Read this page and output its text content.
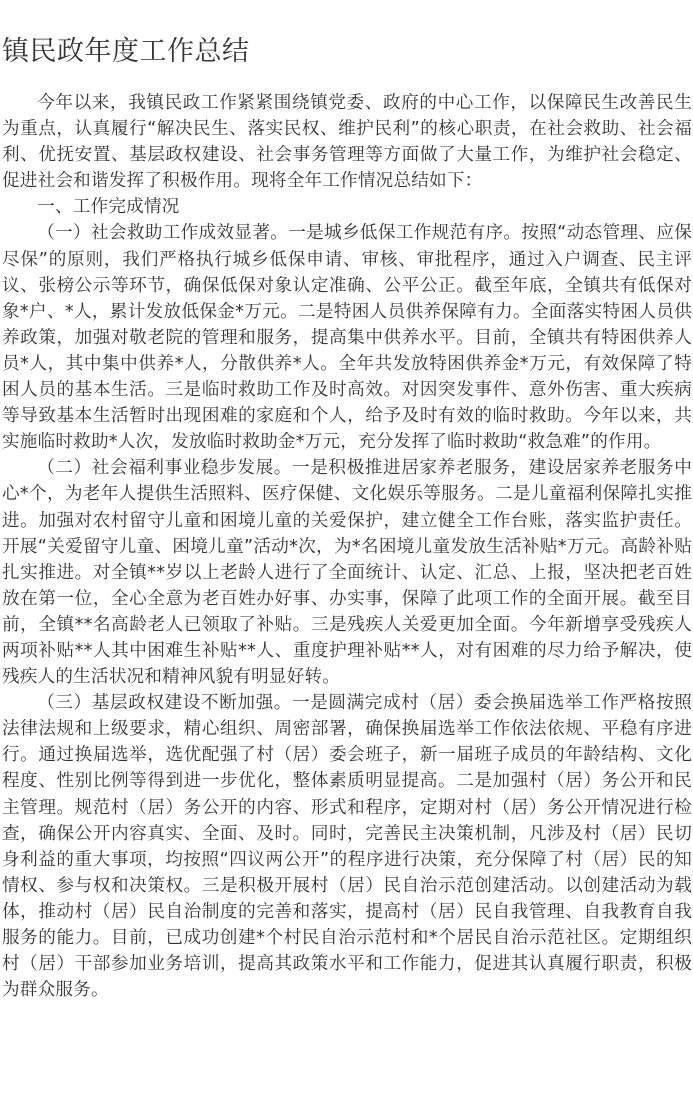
镇民政年度工作总结

今年以来，我镇民政工作紧紧围绕镇党委、政府的中心工作，以保障民生改善民生为重点，认真履行“解决民生、落实民权、维护民利”的核心职责，在社会救助、社会福利、优抚安置、基层政权建设、社会事务管理等方面做了大量工作，为维护社会稳定、促进社会和谐发挥了积极作用。现将全年工作情况总结如下：

一、工作完成情况

（一）社会救助工作成效显著。一是城乡低保工作规范有序。按照“动态管理、应保尽保”的原则，我们严格执行城乡低保申请、审核、审批程序，通过入户调查、民主评议、张榜公示等环节，确保低保对象认定准确、公平公正。截至年底，全镇共有低保对象*户、*人，累计发放低保金*万元。二是特困人员供养保障有力。全面落实特困人员供养政策，加强对敬老院的管理和服务，提高集中供养水平。目前，全镇共有特困供养人员*人，其中集中供养*人，分散供养*人。全年共发放特困供养金*万元，有效保障了特困人员的基本生活。三是临时救助工作及时高效。对因突发事件、意外伤害、重大疾病等导致基本生活暂时出现困难的家庭和个人，给予及时有效的临时救助。今年以来，共实施临时救助*人次，发放临时救助金*万元，充分发挥了临时救助“救急难”的作用。

（二）社会福利事业稳步发展。一是积极推进居家养老服务，建设居家养老服务中心*个，为老年人提供生活照料、医疗保健、文化娱乐等服务。二是儿童福利保障扎实推进。加强对农村留守儿童和困境儿童的关爱保护，建立健全工作台账，落实监护责任。开展“关爱留守儿童、困境儿童”活动*次，为*名困境儿童发放生活补贴*万元。高龄补贴扎实推进。对全镇**岁以上老龄人进行了全面统计、认定、汇总、上报，坚决把老百姓放在第一位，全心全意为老百姓办好事、办实事，保障了此项工作的全面开展。截至目前，全镇**名高龄老人已领取了补贴。三是残疾人关爱更加全面。今年新增享受残疾人两项补贴**人其中困难生补贴**人、重度护理补贴**人，对有困难的尽力给予解决，使残疾人的生活状况和精神风貌有明显好转。

（三）基层政权建设不断加强。一是圆满完成村（居）委会换届选举工作严格按照法律法规和上级要求，精心组织、周密部署，确保换届选举工作依法依规、平稳有序进行。通过换届选举，选优配强了村（居）委会班子，新一届班子成员的年龄结构、文化程度、性别比例等得到进一步优化，整体素质明显提高。二是加强村（居）务公开和民主管理。规范村（居）务公开的内容、形式和程序，定期对村（居）务公开情况进行检查，确保公开内容真实、全面、及时。同时，完善民主决策机制，凡涉及村（居）民切身利益的重大事项，均按照“四议两公开”的程序进行决策，充分保障了村（居）民的知情权、参与权和决策权。三是积极开展村（居）民自治示范创建活动。以创建活动为载体，推动村（居）民自治制度的完善和落实，提高村（居）民自我管理、自我教育自我服务的能力。目前，已成功创建*个村民自治示范村和*个居民自治示范社区。定期组织村（居）干部参加业务培训，提高其政策水平和工作能力，促进其认真履行职责，积极为群众服务。
